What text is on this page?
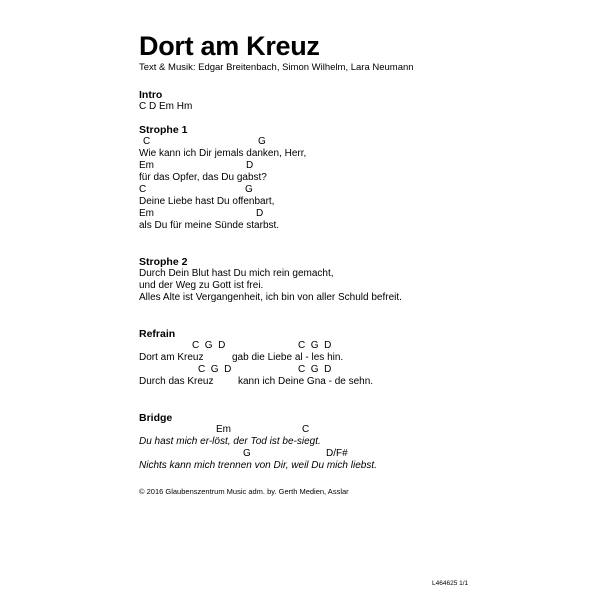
Dort am Kreuz
Text & Musik: Edgar Breitenbach, Simon Wilhelm, Lara Neumann
Intro
C D Em Hm
Strophe 1
C	G
Wie kann ich Dir jemals danken, Herr,
Em	D
für das Opfer, das Du gabst?
C	G
Deine Liebe hast Du offenbart,
Em	D
als Du für meine Sünde starbst.
Strophe 2
Durch Dein Blut hast Du mich rein gemacht,
und der Weg zu Gott ist frei.
Alles Alte ist Vergangenheit, ich bin von aller Schuld befreit.
Refrain
C  G  D	C  G  D
Dort am Kreuz	gab die Liebe al - les hin.
C  G  D	C  G  D
Durch das Kreuz kann ich Deine Gna - de sehn.
Bridge
Em	C
Du hast mich er-löst, der Tod ist be-siegt.
G	D/F#
Nichts kann mich trennen von Dir, weil Du mich liebst.
© 2016 Glaubenszentrum Music adm. by. Gerth Medien, Asslar
L464625 1/1
